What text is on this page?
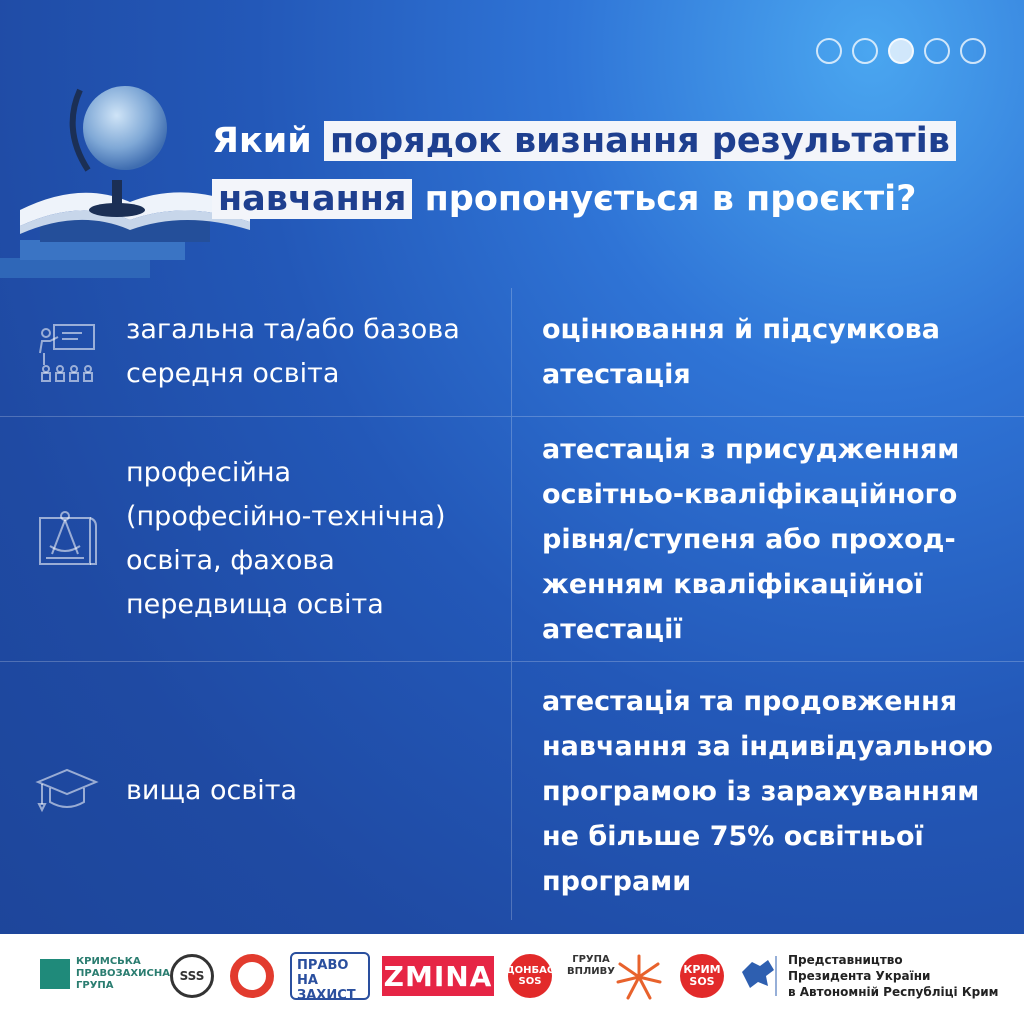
Який порядок визнання результатів
навчання пропонується в проєкті?
загальна та/або базова
середня освіта
оцінювання й підсумкова
атестація
професійна
(професійно-технічна)
освіта, фахова
передвища освіта
атестація з присудженням
освітньо-кваліфікаційного
рівня/ступеня або проход-
женням кваліфікаційної
атестації
вища освіта
атестація та продовження
навчання за індивідуальною
програмою із зарахуванням
не більше 75% освітньої
програми
КРИМСЬКА
ПРАВОЗАХИСНА
ГРУПА
SSS
ПРАВО НА
ЗАХИСТ
ZMINA ДОНБАС
SOS
ГРУПА
ВПЛИВУ	КРИМ
SOS
Представництво
Президента України
в Автономній Республіці Крим
